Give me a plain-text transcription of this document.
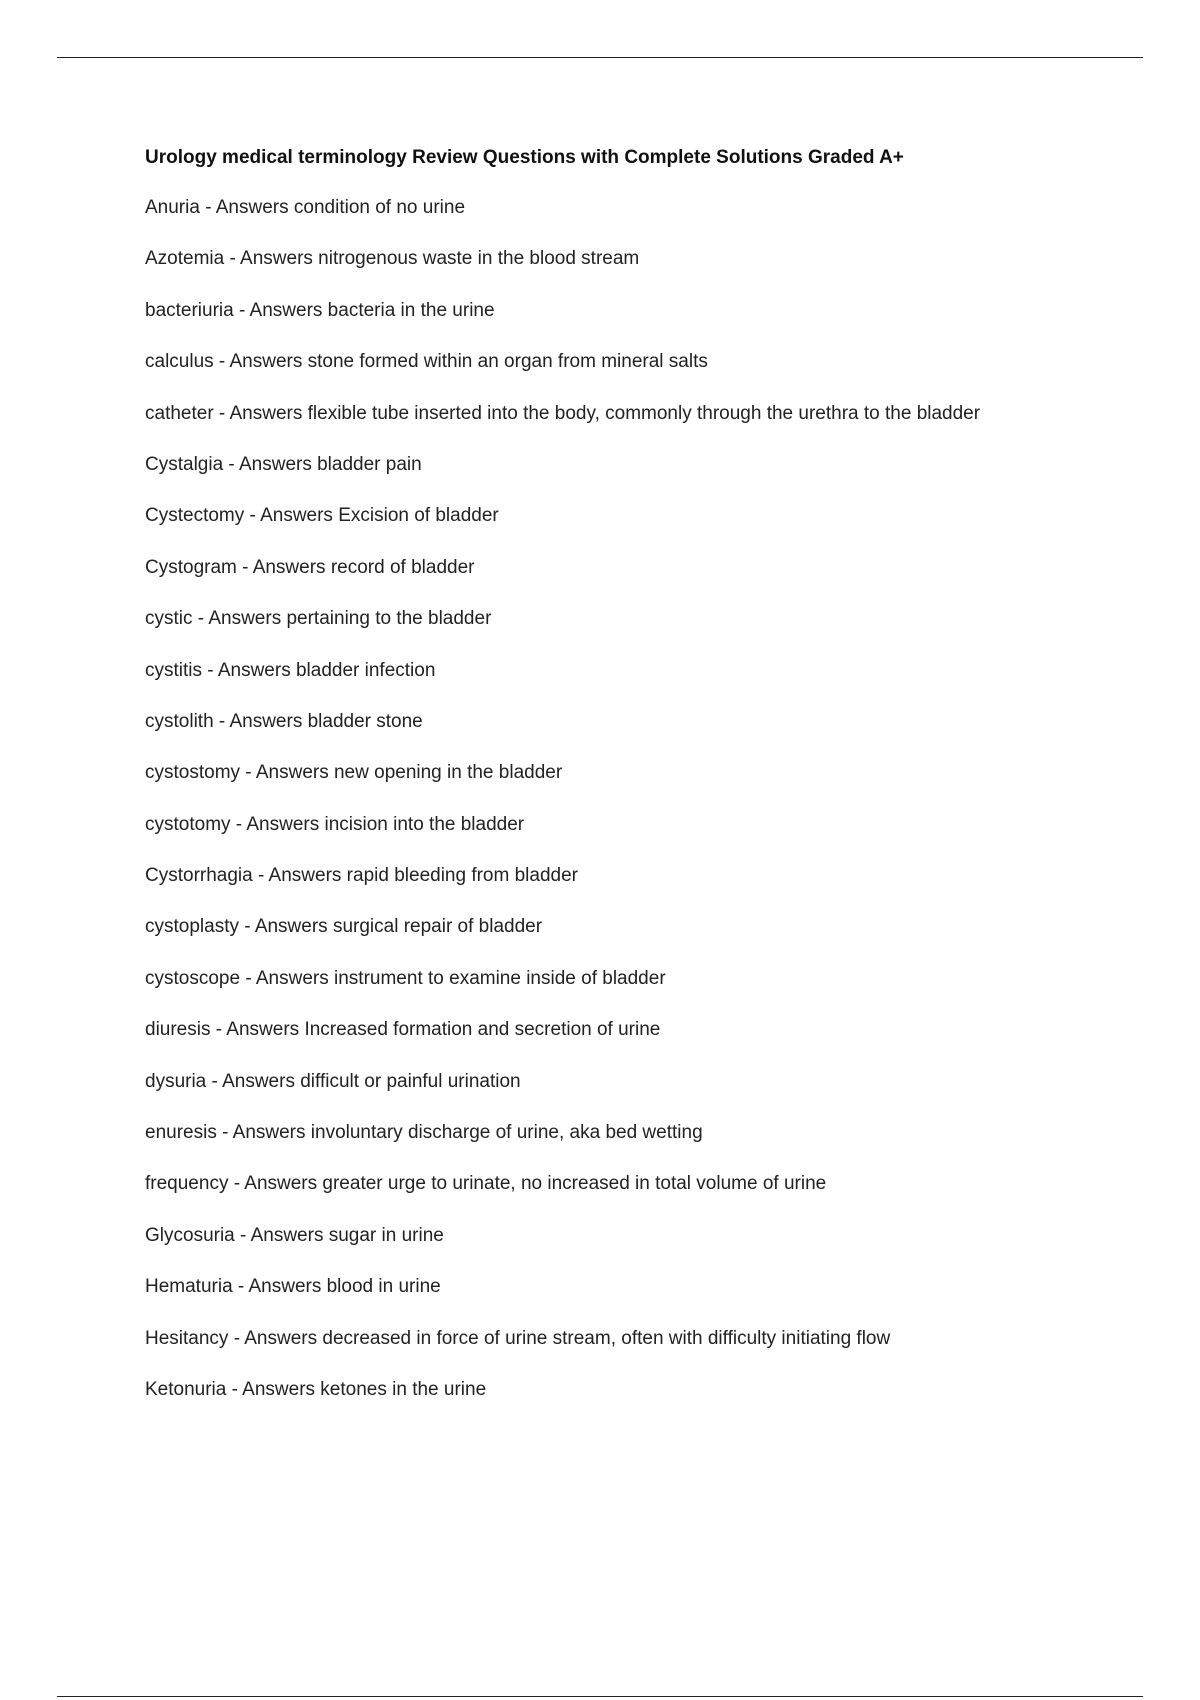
Urology medical terminology Review Questions with Complete Solutions Graded A+
Anuria - Answers condition of no urine
Azotemia - Answers nitrogenous waste in the blood stream
bacteriuria - Answers bacteria in the urine
calculus - Answers stone formed within an organ from mineral salts
catheter - Answers flexible tube inserted into the body, commonly through the urethra to the bladder
Cystalgia - Answers bladder pain
Cystectomy - Answers Excision of bladder
Cystogram - Answers record of bladder
cystic - Answers pertaining to the bladder
cystitis - Answers bladder infection
cystolith - Answers bladder stone
cystostomy - Answers new opening in the bladder
cystotomy - Answers incision into the bladder
Cystorrhagia - Answers rapid bleeding from bladder
cystoplasty - Answers surgical repair of bladder
cystoscope - Answers instrument to examine inside of bladder
diuresis - Answers Increased formation and secretion of urine
dysuria - Answers difficult or painful urination
enuresis - Answers involuntary discharge of urine, aka bed wetting
frequency - Answers greater urge to urinate, no increased in total volume of urine
Glycosuria - Answers sugar in urine
Hematuria - Answers blood in urine
Hesitancy - Answers decreased in force of urine stream, often with difficulty initiating flow
Ketonuria - Answers ketones in the urine
